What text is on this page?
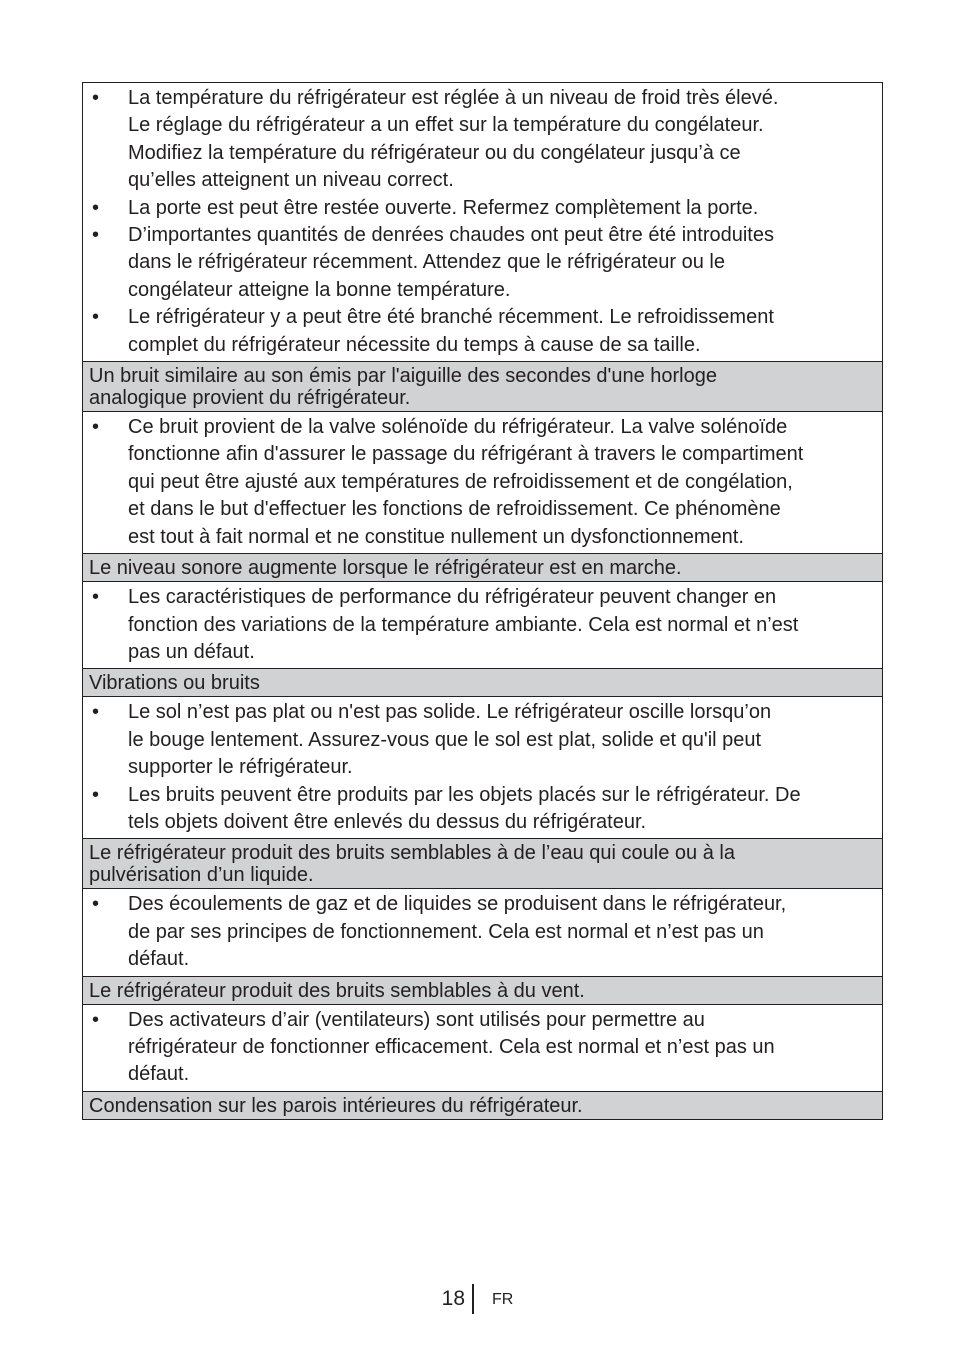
• La température du réfrigérateur est réglée à un niveau de froid très élevé.
Le réglage du réfrigérateur a un effet sur la température du congélateur.
Modifiez la température du réfrigérateur ou du congélateur jusqu’à ce
qu’elles atteignent un niveau correct.
• La porte est peut être restée ouverte. Refermez complètement la porte.
• D’importantes quantités de denrées chaudes ont peut être été introduites
dans le réfrigérateur récemment. Attendez que le réfrigérateur ou le
congélateur atteigne la bonne température.
• Le réfrigérateur y a peut être été branché récemment. Le refroidissement
complet du réfrigérateur nécessite du temps à cause de sa taille.
Un bruit similaire au son émis par l'aiguille des secondes d'une horloge
analogique provient du réfrigérateur.
• Ce bruit provient de la valve solénoïde du réfrigérateur. La valve solénoïde
fonctionne afin d'assurer le passage du réfrigérant à travers le compartiment
qui peut être ajusté aux températures de refroidissement et de congélation,
et dans le but d'effectuer les fonctions de refroidissement. Ce phénomène
est tout à fait normal et ne constitue nullement un dysfonctionnement.
Le niveau sonore augmente lorsque le réfrigérateur est en marche.
• Les caractéristiques de performance du réfrigérateur peuvent changer en
fonction des variations de la température ambiante. Cela est normal et n’est
pas un défaut.
Vibrations ou bruits
• Le sol n’est pas plat ou n'est pas solide. Le réfrigérateur oscille lorsqu’on
le bouge lentement. Assurez-vous que le sol est plat, solide et qu'il peut
supporter le réfrigérateur.
• Les bruits peuvent être produits par les objets placés sur le réfrigérateur. De
tels objets doivent être enlevés du dessus du réfrigérateur.
Le réfrigérateur produit des bruits semblables à de l’eau qui coule ou à la
pulvérisation d’un liquide.
• Des écoulements de gaz et de liquides se produisent dans le réfrigérateur,
de par ses principes de fonctionnement. Cela est normal et n’est pas un
défaut.
Le réfrigérateur produit des bruits semblables à du vent.
• Des activateurs d’air (ventilateurs) sont utilisés pour permettre au
réfrigérateur de fonctionner efficacement. Cela est normal et n’est pas un
défaut.
Condensation sur les parois intérieures du réfrigérateur.
18 FR
